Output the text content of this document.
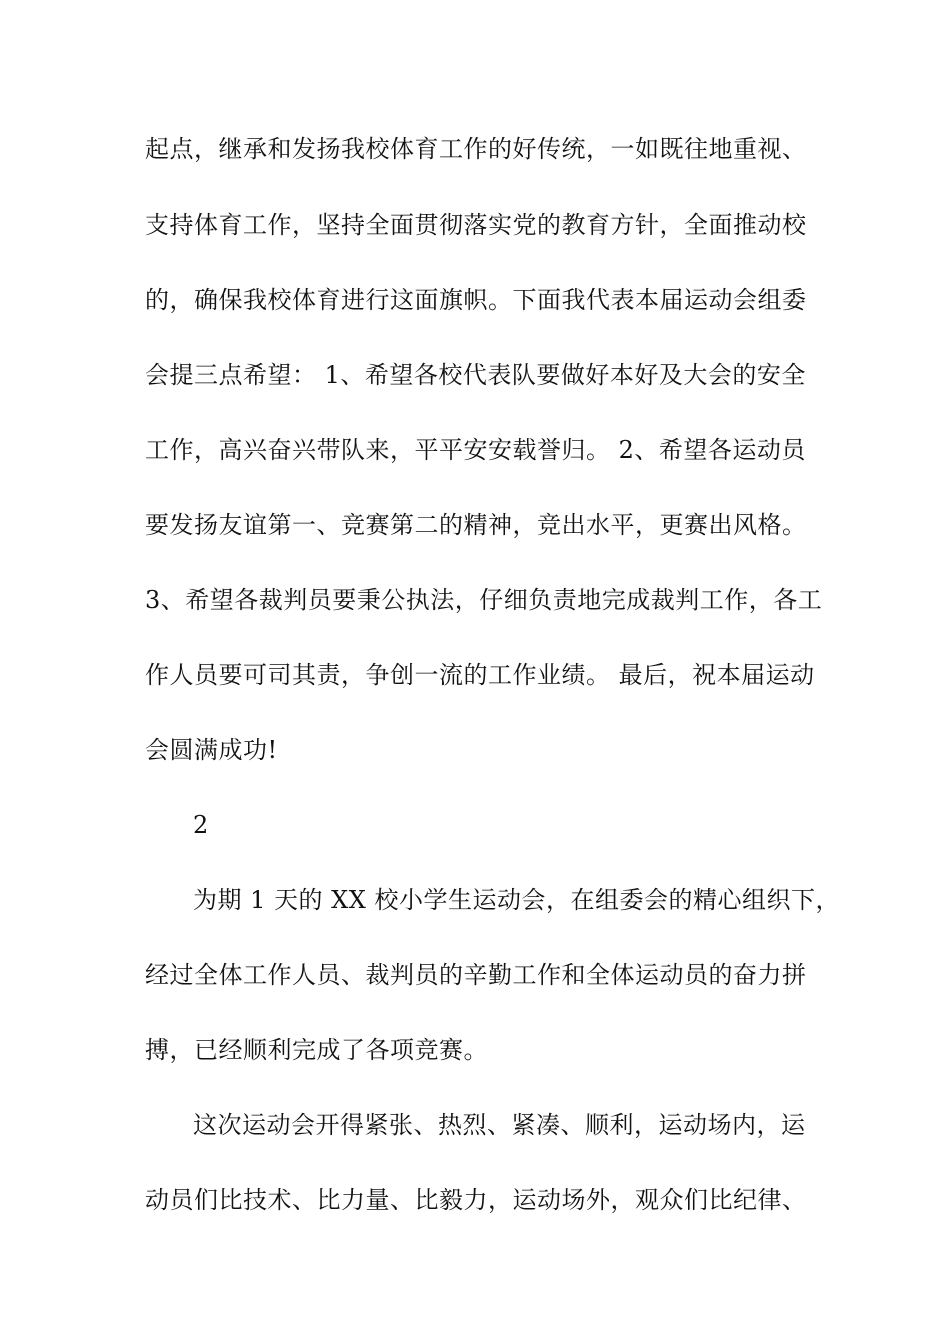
起点，继承和发扬我校体育工作的好传统，一如既往地重视、
支持体育工作，坚持全面贯彻落实党的教育方针，全面推动校
的，确保我校体育进行这面旗帜。下面我代表本届运动会组委
会提三点希望： 1、希望各校代表队要做好本好及大会的安全
工作，高兴奋兴带队来，平平安安载誉归。 2、希望各运动员
要发扬友谊第一、竞赛第二的精神，竞出水平，更赛出风格。
3、希望各裁判员要秉公执法，仔细负责地完成裁判工作，各工
作人员要可司其责，争创一流的工作业绩。 最后，祝本届运动
会圆满成功!
2
为期 1 天的 XX 校小学生运动会，在组委会的精心组织下，
经过全体工作人员、裁判员的辛勤工作和全体运动员的奋力拼
搏，已经顺利完成了各项竞赛。
这次运动会开得紧张、热烈、紧凑、顺利，运动场内，运
动员们比技术、比力量、比毅力，运动场外，观众们比纪律、
